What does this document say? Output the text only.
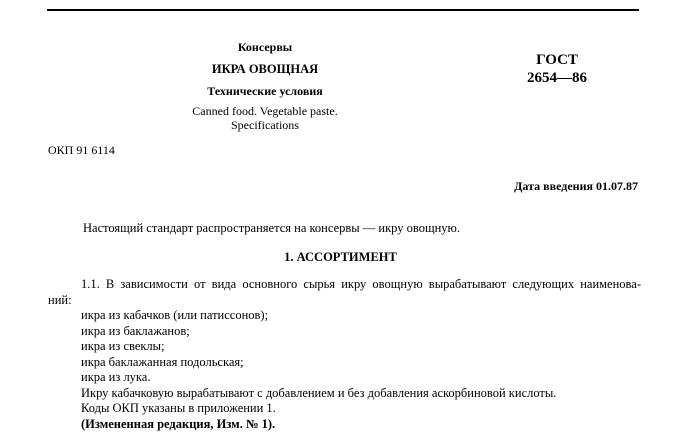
Консервы
ИКРА ОВОЩНАЯ
Технические условия
Canned food. Vegetable paste.
Specifications
ГОСТ
2654—86
ОКП 91 6114
Дата введения 01.07.87
Настоящий стандарт распространяется на консервы — икру овощную.
1. АССОРТИМЕНТ
1.1. В зависимости от вида основного сырья икру овощную вырабатывают следующих наименова-
ний:
икра из кабачков (или патиссонов);
икра из баклажанов;
икра из свеклы;
икра баклажанная подольская;
икра из лука.
Икру кабачковую вырабатывают с добавлением и без добавления аскорбиновой кислоты.
Коды ОКП указаны в приложении 1.
(Измененная редакция, Изм. № 1).
